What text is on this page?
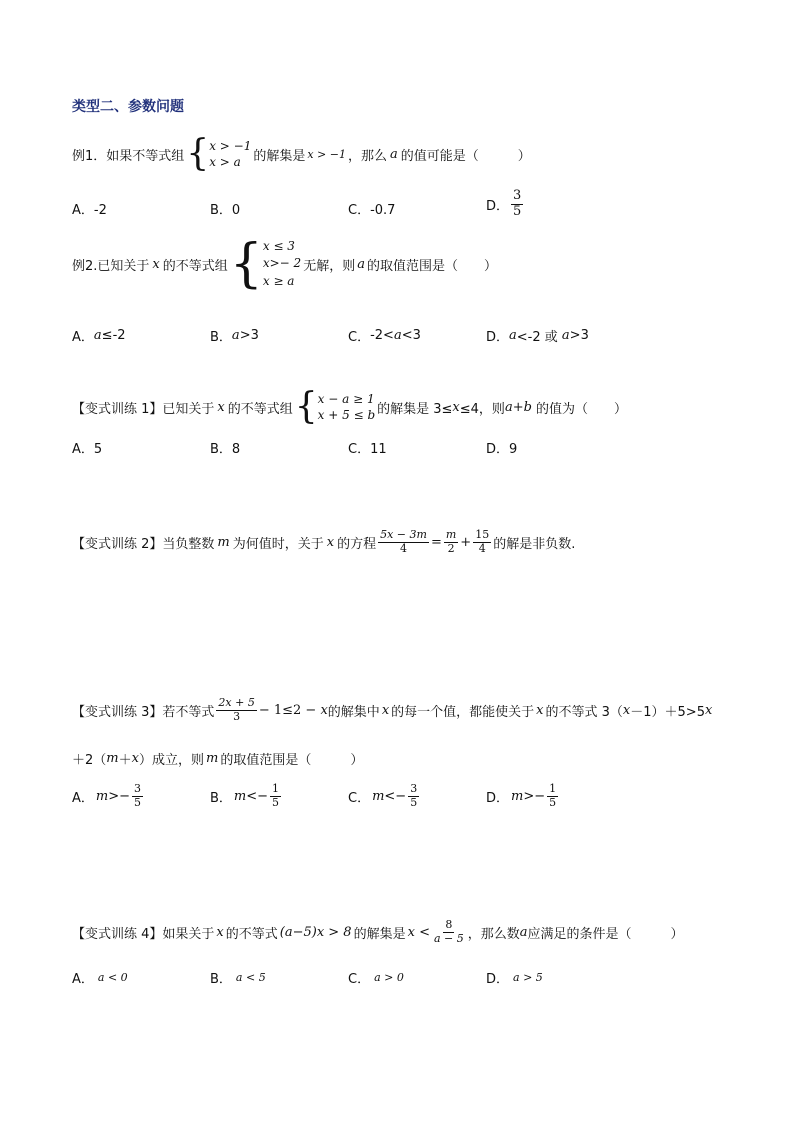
类型二、参数问题
例1．如果不等式组 { x > −1
x > a 的解集是 x > −1 ，那么 a 的值可能是（　　　）
A．-2	B．0	C．-0.7	D． $\frac{3}{5}$
例2.已知关于 x 的不等式组 { x ≤ 3
x>− 2
x ≥ a
无解，则 a 的取值范围是（　　）
A． a ≤-2	B． a >3	C． -2< a <3	D． a <-2 或 a >3
【变式训练 1】已知关于 x 的不等式组 { x − a ≥ 1
x + 5 ≤ b 的解集是 3≤ x ≤4，则 a+b 的值为（　　）
A．5	B．8	C．11	D．9
【变式训练 2】当负整数 m 为何值时，关于 x 的方程 $\frac{5x - 3m}{4} = \frac{m}{2} + \frac{15}{4}$ 的解是非负数.
【变式训练 3】若不等式 $\frac{2x + 5}{3} - 1\le 2 - x$ 的解集中 x 的每一个值，都能使关于 x 的不等式 3（ x －1）＋5>5 x
＋2（ m ＋ x ）成立，则 m 的取值范围是（　　　）
A． $m >- \frac{3}{5}$	B． $m <- \frac{1}{5}$	C． $m <- \frac{3}{5}$	D． $m >- \frac{1}{5}$
【变式训练 4】如果关于 x 的不等式 (a−5)x > 8 的解集是 $x < \frac{8}{a - 5}$ ，那么数 a 应满足的条件是（　　　）
A． a < 0	B． a < 5	C． a > 0	D． a > 5
